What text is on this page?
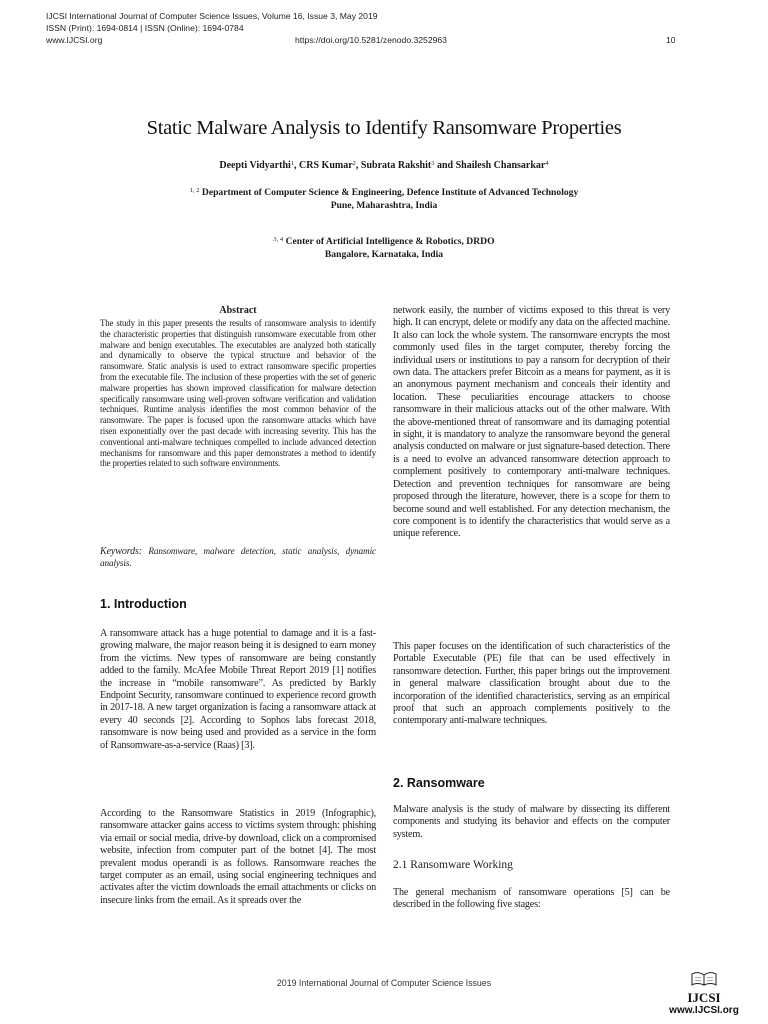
IJCSI International Journal of Computer Science Issues, Volume 16, Issue 3, May 2019
ISSN (Print): 1694-0814 | ISSN (Online): 1694-0784
www.IJCSI.org	https://doi.org/10.5281/zenodo.3252963	10
Static Malware Analysis to Identify Ransomware Properties
Deepti Vidyarthi$^1$, CRS Kumar$^2$, Subrata Rakshit$^3$ and Shailesh Chansarkar$^4$
$^{1, 2}$ Department of Computer Science & Engineering, Defence Institute of Advanced Technology
Pune, Maharashtra, India
$^{3, 4}$ Center of Artificial Intelligence & Robotics, DRDO
Bangalore, Karnataka, India
Abstract
The study in this paper presents the results of ransomware analysis to identify the characteristic properties that distinguish ransomware executable from other malware and benign executables. The executables are analyzed both statically and dynamically to observe the typical structure and behavior of the ransomware. Static analysis is used to extract ransomware specific properties from the executable file. The inclusion of these properties with the set of generic malware properties has shown improved classification for malware detection specifically ransomware using well-proven software verification and validation techniques. Runtime analysis identifies the most common behavior of the ransomware. The paper is focused upon the ransomware attacks which have risen exponentially over the past decade with increasing severity. This has the conventional anti-malware techniques compelled to include advanced detection mechanisms for ransomware and this paper demonstrates a method to identify the properties related to such software environments.
Keywords: Ransomware, malware detection, static analysis, dynamic analysis.
1. Introduction
A ransomware attack has a huge potential to damage and it is a fast-growing malware, the major reason being it is designed to earn money from the victims. New types of ransomware are being constantly added to the family. McAfee Mobile Threat Report 2019 [1] notifies the increase in “mobile ransomware”. As predicted by Barkly Endpoint Security, ransomware continued to experience record growth in 2017-18. A new target organization is facing a ransomware attack at every 40 seconds [2]. According to Sophos labs forecast 2018, ransomware is now being used and provided as a service in the form of Ransomware-as-a-service (Raas) [3].
According to the Ransomware Statistics in 2019 (Infographic), ransomware attacker gains access to victims system through: phishing via email or social media, drive-by download, click on a compromised website, infection from computer part of the botnet [4]. The most prevalent modus operandi is as follows. Ransomware reaches the target computer as an email, using social engineering techniques and activates after the victim downloads the email attachments or clicks on insecure links from the email. As it spreads over the
network easily, the number of victims exposed to this threat is very high. It can encrypt, delete or modify any data on the affected machine. It also can lock the whole system. The ransomware encrypts the most commonly used files in the target computer, thereby forcing the individual users or institutions to pay a ransom for decryption of their own data. The attackers prefer Bitcoin as a means for payment, as it is an anonymous payment mechanism and conceals their identity and location. These peculiarities encourage attackers to choose ransomware in their malicious attacks out of the other malware. With the above-mentioned threat of ransomware and its damaging potential in sight, it is mandatory to analyze the ransomware beyond the general analysis conducted on malware or just signature-based detection. There is a need to evolve an advanced ransomware detection approach to complement positively to contemporary anti-malware techniques. Detection and prevention techniques for ransomware are being proposed through the literature, however, there is a scope for them to become sound and well established. For any detection mechanism, the core component is to identify the characteristics that would serve as a unique reference.
This paper focuses on the identification of such characteristics of the Portable Executable (PE) file that can be used effectively in ransomware detection. Further, this paper brings out the improvement in general malware classification brought about due to the incorporation of the identified characteristics, serving as an empirical proof that such an approach complements positively to the contemporary anti-malware techniques.
2. Ransomware
Malware analysis is the study of malware by dissecting its different components and studying its behavior and effects on the computer system.
2.1 Ransomware Working
The general mechanism of ransomware operations [5] can be described in the following five stages:
2019 International Journal of Computer Science Issues
IJCSI
www.IJCSI.org
